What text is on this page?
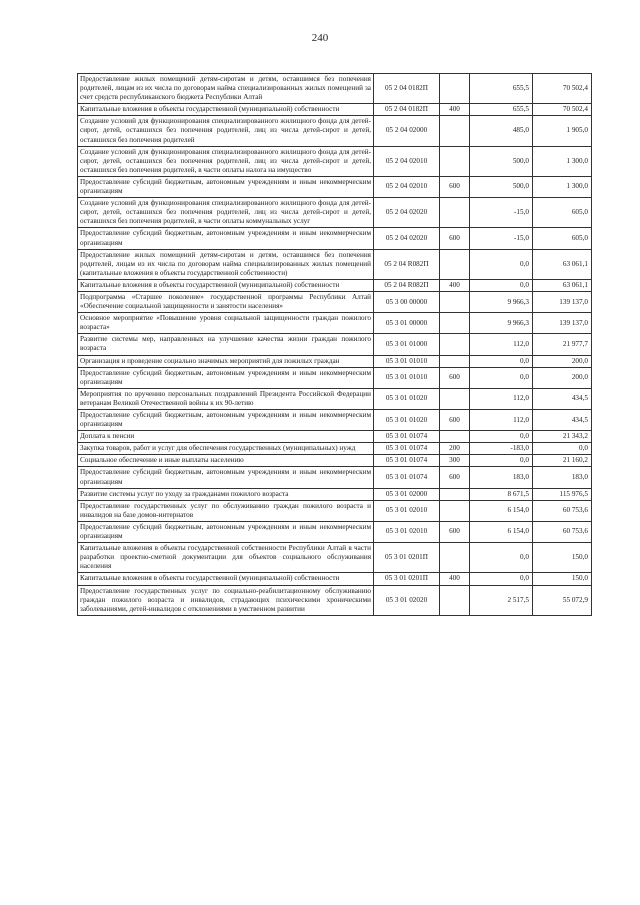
240
Предоставление жилых помещений детям-сиротам и детям, оставшимся без попечения родителей, лицам из их числа по договорам найма специализированных жилых помещений за счет средств республиканского бюджета Республики Алтай	05 2 04 0182П		655,5	70 502,4
Капитальные вложения в объекты государственной (муниципальной) собственности	05 2 04 0182П	400	655,5	70 502,4
Создание условий для функционирования специализированного жилищного фонда для детей-сирот, детей, оставшихся без попечения родителей, лиц из числа детей-сирот и детей, оставшихся без попечения родителей	05 2 04 02000		485,0	1 905,0
Создание условий для функционирования специализированного жилищного фонда для детей-сирот, детей, оставшихся без попечения родителей, лиц из числа детей-сирот и детей, оставшихся без попечения родителей, в части оплаты налога на имущество	05 2 04 02010		500,0	1 300,0
Предоставление субсидий бюджетным, автономным учреждениям и иным некоммерческим организациям	05 2 04 02010	600	500,0	1 300,0
Создание условий для функционирования специализированного жилищного фонда для детей-сирот, детей, оставшихся без попечения родителей, лиц из числа детей-сирот и детей, оставшихся без попечения родителей, в части оплаты коммунальных услуг	05 2 04 02020		-15,0	605,0
Предоставление субсидий бюджетным, автономным учреждениям и иным некоммерческим организациям	05 2 04 02020	600	-15,0	605,0
Предоставление жилых помещений детям-сиротам и детям, оставшимся без попечения родителей, лицам из их числа по договорам найма специализированных жилых помещений (капитальные вложения в объекты государственной собственности)	05 2 04 R082П		0,0	63 061,1
Капитальные вложения в объекты государственной (муниципальной) собственности	05 2 04 R082П	400	0,0	63 061,1
Подпрограмма «Старшее поколение» государственной программы Республики Алтай «Обеспечение социальной защищенности и занятости населения»	05 3 00 00000		9 966,3	139 137,0
Основное мероприятие «Повышение уровня социальной защищенности граждан пожилого возраста»	05 3 01 00000		9 966,3	139 137,0
Развитие системы мер, направленных на улучшение качества жизни граждан пожилого возраста	05 3 01 01000		112,0	21 977,7
Организация и проведение социально значимых мероприятий для пожилых граждан	05 3 01 01010		0,0	200,0
Предоставление субсидий бюджетным, автономным учреждениям и иным некоммерческим организациям	05 3 01 01010	600	0,0	200,0
Мероприятия по вручению персональных поздравлений Президента Российской Федерации ветеранам Великой Отечественной войны к их 90-летию	05 3 01 01020		112,0	434,5
Предоставление субсидий бюджетным, автономным учреждениям и иным некоммерческим организациям	05 3 01 01020	600	112,0	434,5
Доплата к пенсии	05 3 01 01074		0,0	21 343,2
Закупка товаров, работ и услуг для обеспечения государственных (муниципальных) нужд	05 3 01 01074	200	-183,0	0,0
Социальное обеспечение и иные выплаты населению	05 3 01 01074	300	0,0	21 160,2
Предоставление субсидий бюджетным, автономным учреждениям и иным некоммерческим организациям	05 3 01 01074	600	183,0	183,0
Развитие системы услуг по уходу за гражданами пожилого возраста	05 3 01 02000		8 671,5	115 976,5
Предоставление государственных услуг по обслуживанию граждан пожилого возраста и инвалидов на базе домов-интернатов	05 3 01 02010		6 154,0	60 753,6
Предоставление субсидий бюджетным, автономным учреждениям и иным некоммерческим организациям	05 3 01 02010	600	6 154,0	60 753,6
Капитальные вложения в объекты государственной собственности Республики Алтай в части разработки проектно-сметной документации для объектов социального обслуживания населения	05 3 01 0201П		0,0	150,0
Капитальные вложения в объекты государственной (муниципальной) собственности	05 3 01 0201П	400	0,0	150,0
Предоставление государственных услуг по социально-реабилитационному обслуживанию граждан пожилого возраста и инвалидов, страдающих психическими хроническими заболеваниями, детей-инвалидов с отклонениями в умственном развитии	05 3 01 02020		2 517,5	55 072,9
